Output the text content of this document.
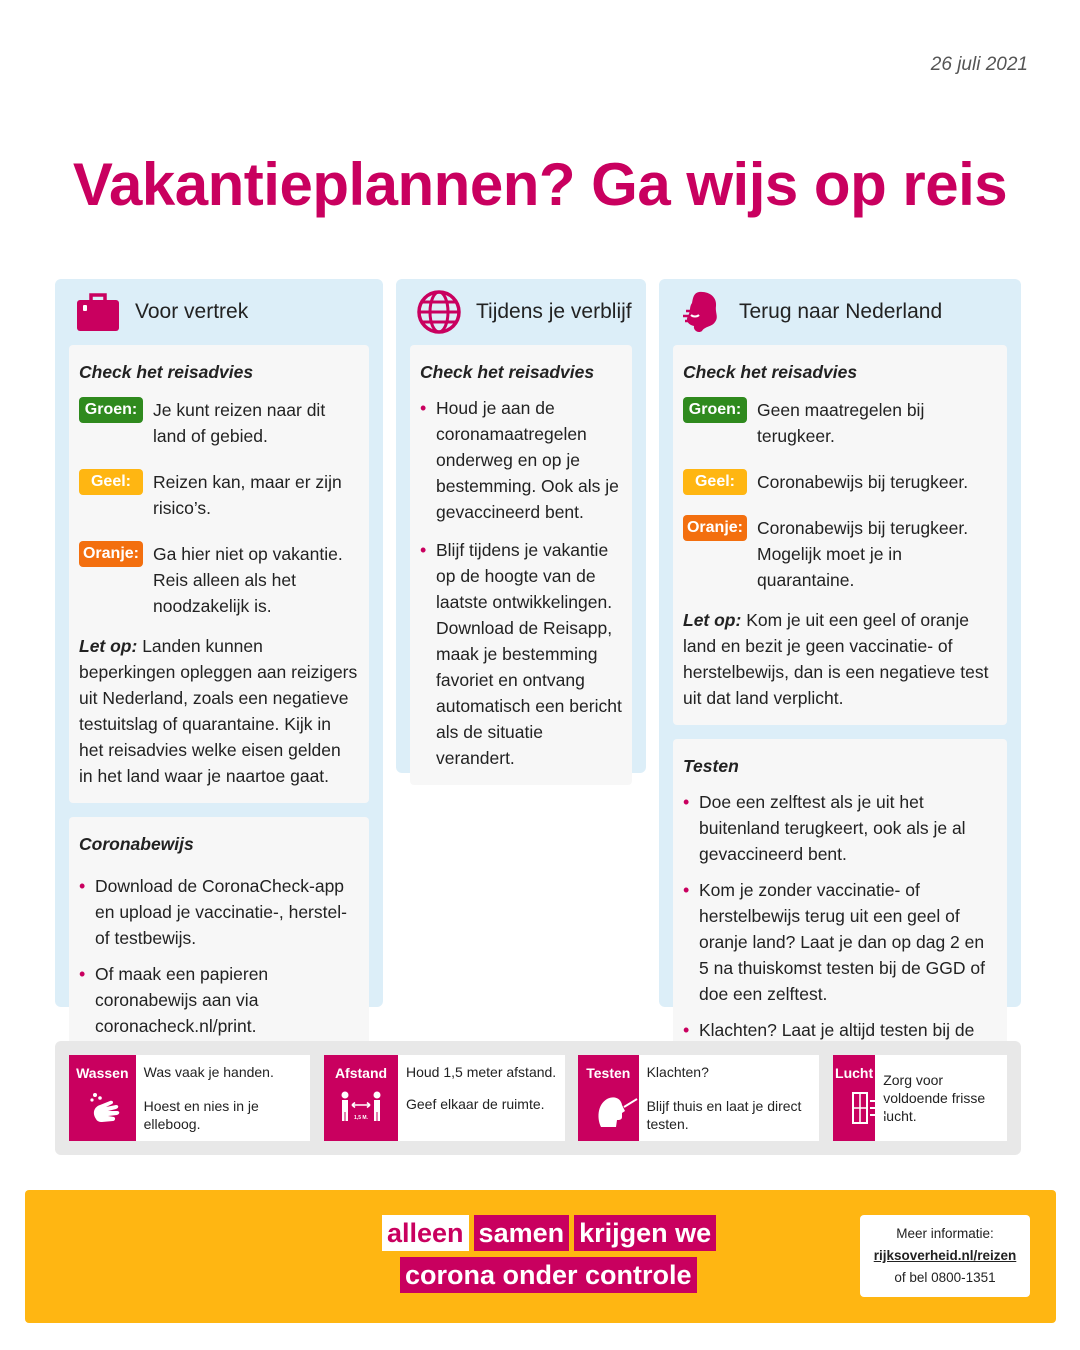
26 juli 2021
Vakantieplannen? Ga wijs op reis
Voor vertrek
Check het reisadvies
Groen: Je kunt reizen naar dit land of gebied.
Geel:	Reizen kan, maar er zijn risico’s.
Oranje: Ga hier niet op vakantie. Reis alleen als het noodzakelijk is.

Let op: Landen kunnen beperkingen opleggen aan reizigers uit Nederland, zoals een negatieve testuitslag of quarantaine. Kijk in het reisadvies welke eisen gelden in het land waar je naartoe gaat.

Coronabewijs
• Download de CoronaCheck-app en upload je vaccinatie-, herstel- of testbewijs.
• Of maak een papieren coronabewijs aan via coronacheck.nl/print.
Tijdens je verblijf
Check het reisadvies
• Houd je aan de coronamaatregelen onderweg en op je bestemming. Ook als je gevaccineerd bent.
• Blijf tijdens je vakantie op de hoogte van de laatste ontwikkelingen. Download de Reisapp, maak je bestemming favoriet en ontvang automatisch een bericht als de situatie verandert.
Terug naar Nederland
Check het reisadvies
Groen: Geen maatregelen bij terugkeer.
Geel:	Coronabewijs bij terugkeer.
Oranje: Coronabewijs bij terugkeer. Mogelijk moet je in quarantaine.

Let op: Kom je uit een geel of oranje land en bezit je geen vaccinatie- of herstelbewijs, dan is een negatieve test uit dat land verplicht.

Testen
• Doe een zelftest als je uit het buitenland terugkeert, ook als je al gevaccineerd bent.
• Kom je zonder vaccinatie- of herstelbewijs terug uit een geel of oranje land? Laat je dan op dag 2 en 5 na thuiskomst testen bij de GGD of doe een zelftest.
• Klachten? Laat je altijd testen bij de
Wassen	Was vaak je handen.

Hoest en nies in je elleboog.

Afstand
1,5 M.

Houd 1,5 meter afstand.

Geef elkaar de ruimte.

Testen	Klachten?

Blijf thuis en laat je direct testen.

Lucht Zorg voor voldoende frisse lucht.

alleen samen krijgen we
corona onder controle
Meer informatie:
rijksoverheid.nl/reizen
of bel 0800-1351
